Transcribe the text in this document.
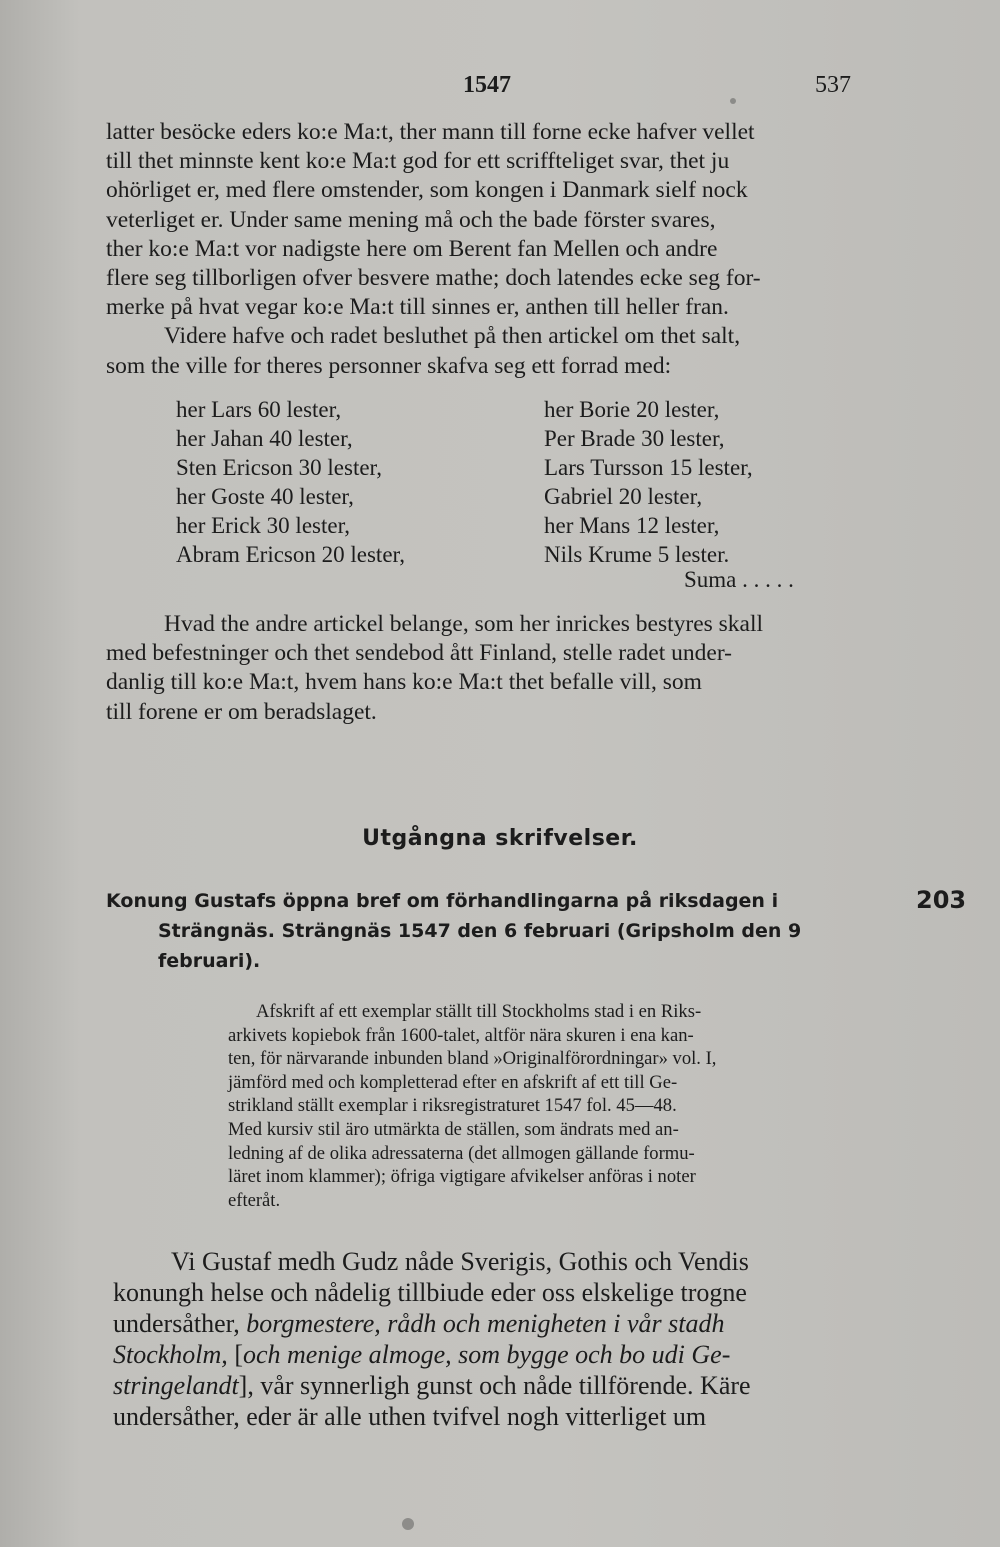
1547	537
latter besöcke eders ko:e Ma:t, ther mann till forne ecke hafver vellet
till thet minnste kent ko:e Ma:t god for ett scriffteliget svar, thet ju
ohörliget er, med flere omstender, som kongen i Danmark sielf nock
veterliget er. Under same mening må och the bade förster svares,
ther ko:e Ma:t vor nadigste here om Berent fan Mellen och andre
flere seg tillborligen ofver besvere mathe; doch latendes ecke seg for-
merke på hvat vegar ko:e Ma:t till sinnes er, anthen till heller fran.
Videre hafve och radet besluthet på then artickel om thet salt,
som the ville for theres personner skafva seg ett forrad med:
her Lars 60 lester,
her Jahan 40 lester,
Sten Ericson 30 lester,
her Goste 40 lester,
her Erick 30 lester,
Abram Ericson 20 lester,
her Borie 20 lester,
Per Brade 30 lester,
Lars Tursson 15 lester,
Gabriel 20 lester,
her Mans 12 lester,
Nils Krume 5 lester.
Suma . . . . .
Hvad the andre artickel belange, som her inrickes bestyres skall
med befestninger och thet sendebod ått Finland, stelle radet under-
danlig till ko:e Ma:t, hvem hans ko:e Ma:t thet befalle vill, som
till forene er om beradslaget.
Utgångna skrifvelser.
Konung Gustafs öppna bref om förhandlingarna på riksdagen i
Strängnäs. Strängnäs 1547 den 6 februari (Gripsholm den 9
februari).
203
Afskrift af ett exemplar ställt till Stockholms stad i en Riks-
arkivets kopiebok från 1600-talet, altför nära skuren i ena kan-
ten, för närvarande inbunden bland »Originalförordningar» vol. I,
jämförd med och kompletterad efter en afskrift af ett till Ge-
strikland ställt exemplar i riksregistraturet 1547 fol. 45—48.
Med kursiv stil äro utmärkta de ställen, som ändrats med an-
ledning af de olika adressaterna (det allmogen gällande formu-
läret inom klammer); öfriga vigtigare afvikelser anföras i noter
efteråt.
Vi Gustaf medh Gudz nåde Sverigis, Gothis och Vendis
konungh helse och nådelig tillbiude eder oss elskelige trogne
undersåther, borgmestere, rådh och menigheten i vår stadh
Stockholm, [och menige almoge, som bygge och bo udi Ge-
stringelandt], vår synnerligh gunst och nåde tillförende. Käre
undersåther, eder är alle uthen tvifvel nogh vitterliget um
